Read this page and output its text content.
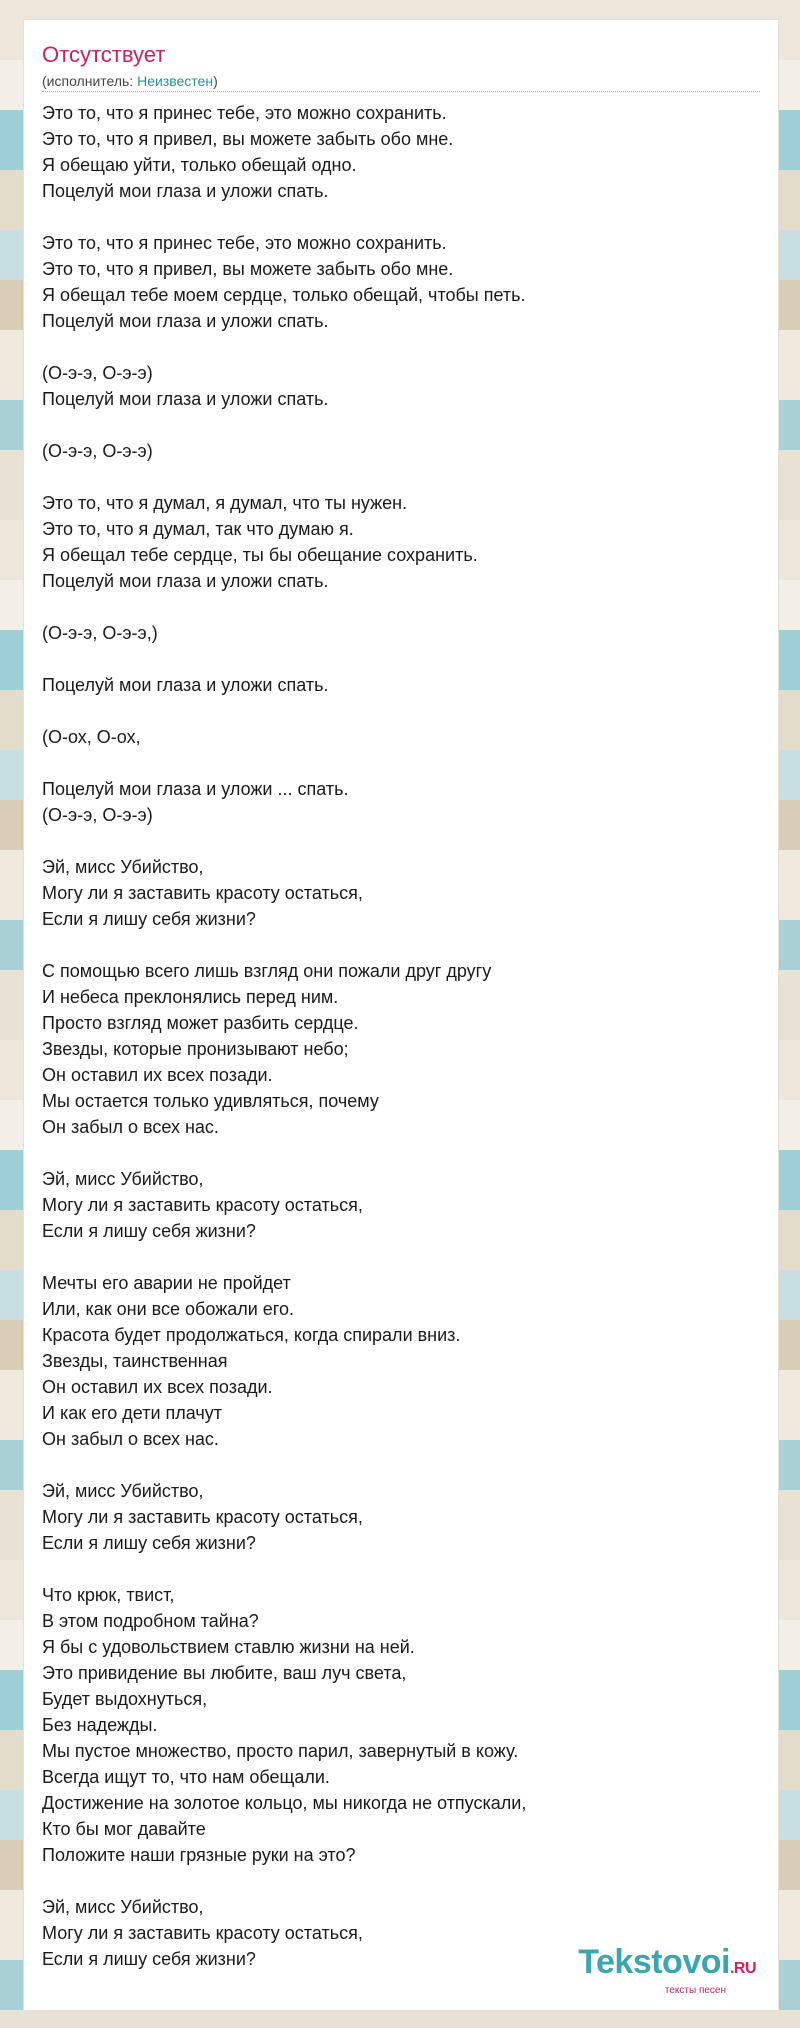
Отсутствует
(исполнитель: Неизвестен)
Это то, что я принес тебе, это можно сохранить.
Это то, что я привел, вы можете забыть обо мне.
Я обещаю уйти, только обещай одно.
Поцелуй мои глаза и уложи спать.
Это то, что я принес тебе, это можно сохранить.
Это то, что я привел, вы можете забыть обо мне.
Я обещал тебе моем сердце, только обещай, чтобы петь.
Поцелуй мои глаза и уложи спать.
(О-э-э, О-э-э)
Поцелуй мои глаза и уложи спать.
(О-э-э, О-э-э)
Это то, что я думал, я думал, что ты нужен.
Это то, что я думал, так что думаю я.
Я обещал тебе сердце, ты бы обещание сохранить.
Поцелуй мои глаза и уложи спать.
(О-э-э, О-э-э,)
Поцелуй мои глаза и уложи спать.
(О-ох, О-ох,
Поцелуй мои глаза и уложи ... спать.
(О-э-э, О-э-э)
Эй, мисс Убийство,
Могу ли я заставить красоту остаться,
Если я лишу себя жизни?
С помощью всего лишь взгляд они пожали друг другу
И небеса преклонялись перед ним.
Просто взгляд может разбить сердце.
Звезды, которые пронизывают небо;
Он оставил их всех позади.
Мы остается только удивляться, почему
Он забыл о всех нас.
Эй, мисс Убийство,
Могу ли я заставить красоту остаться,
Если я лишу себя жизни?
Мечты его аварии не пройдет
Или, как они все обожали его.
Красота будет продолжаться, когда спирали вниз.
Звезды, таинственная
Он оставил их всех позади.
И как его дети плачут
Он забыл о всех нас.
Эй, мисс Убийство,
Могу ли я заставить красоту остаться,
Если я лишу себя жизни?
Что крюк, твист,
В этом подробном тайна?
Я бы с удовольствием ставлю жизни на ней.
Это привидение вы любите, ваш луч света,
Будет выдохнуться,
Без надежды.
Мы пустое множество, просто парил, завернутый в кожу.
Всегда ищут то, что нам обещали.
Достижение на золотое кольцо, мы никогда не отпускали,
Кто бы мог давайте
Положите наши грязные руки на это?
Эй, мисс Убийство,
Могу ли я заставить красоту остаться,
Если я лишу себя жизни?	Tekstovoi.RU
тексты песен
